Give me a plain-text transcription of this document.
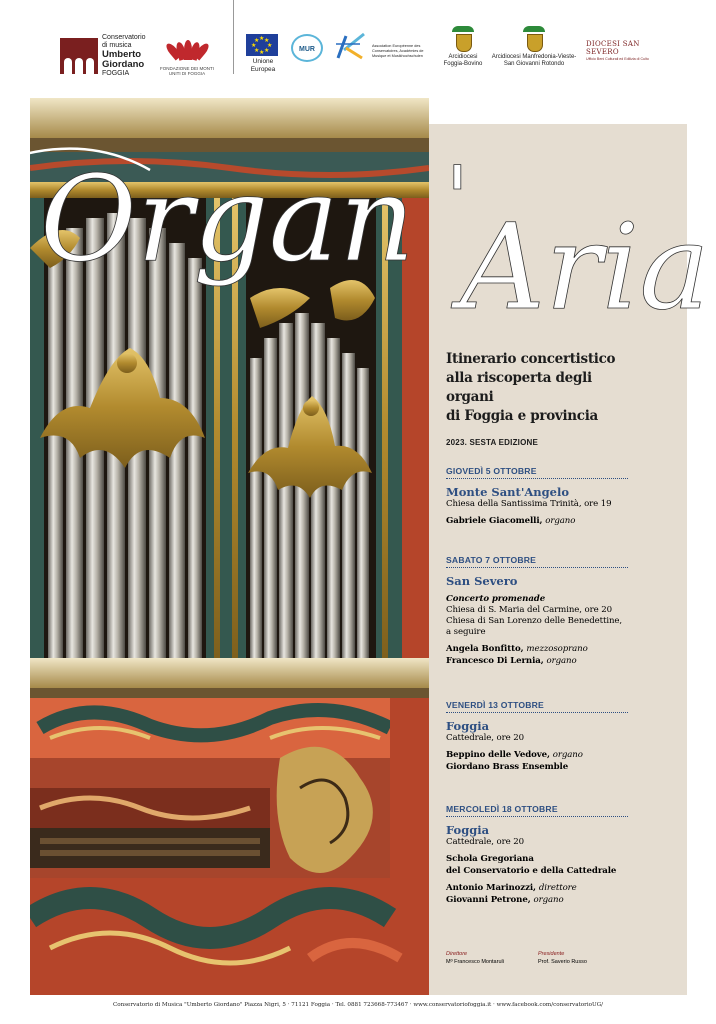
Conservatorio
di musica
Umberto
Giordano
FOGGIA
FONDAZIONE DEI MONTI UNITI DI FOGGIA
★ ★
★
★
★
★
★
★
Unione
Europea
MUR	Association Européenne des Conservatoires, Académies de Musique et Musikhochschulen	Arcidiocesi
Foggia-Bovino
Arcidiocesi Manfredonia-Vieste-
San Giovanni Rotondo
DIOCESI SAN SEVERO
Ufficio Beni Culturali ed Edilizia di Culto
Organ '
Aria
Itinerario concertistico
alla riscoperta degli organi
di Foggia e provincia
2023. SESTA EDIZIONE
GIOVEDÌ 5 OTTOBRE
Monte Sant'Angelo
Chiesa della Santissima Trinità, ore 19
Gabriele Giacomelli, organo
SABATO 7 OTTOBRE
San Severo
Concerto promenade
Chiesa di S. Maria del Carmine, ore 20
Chiesa di San Lorenzo delle Benedettine,
a seguire
Angela Bonfitto, mezzosoprano
Francesco Di Lernia, organo
VENERDÌ 13 OTTOBRE
Foggia
Cattedrale, ore 20
Beppino delle Vedove, organo
Giordano Brass Ensemble
MERCOLEDÌ 18 OTTOBRE
Foggia
Cattedrale, ore 20
Schola Gregoriana
del Conservatorio e della Cattedrale
Antonio Marinozzi, direttore
Giovanni Petrone, organo
Direttore
Mº Francesco Montaruli
Presidente
Prof. Saverio Russo
Conservatorio di Musica "Umberto Giordano" Piazza Nigri, 5 · 71121 Foggia · Tel. 0881 723668-773467 · www.conservatoriofoggia.it · www.facebook.com/conservatorioUG/
